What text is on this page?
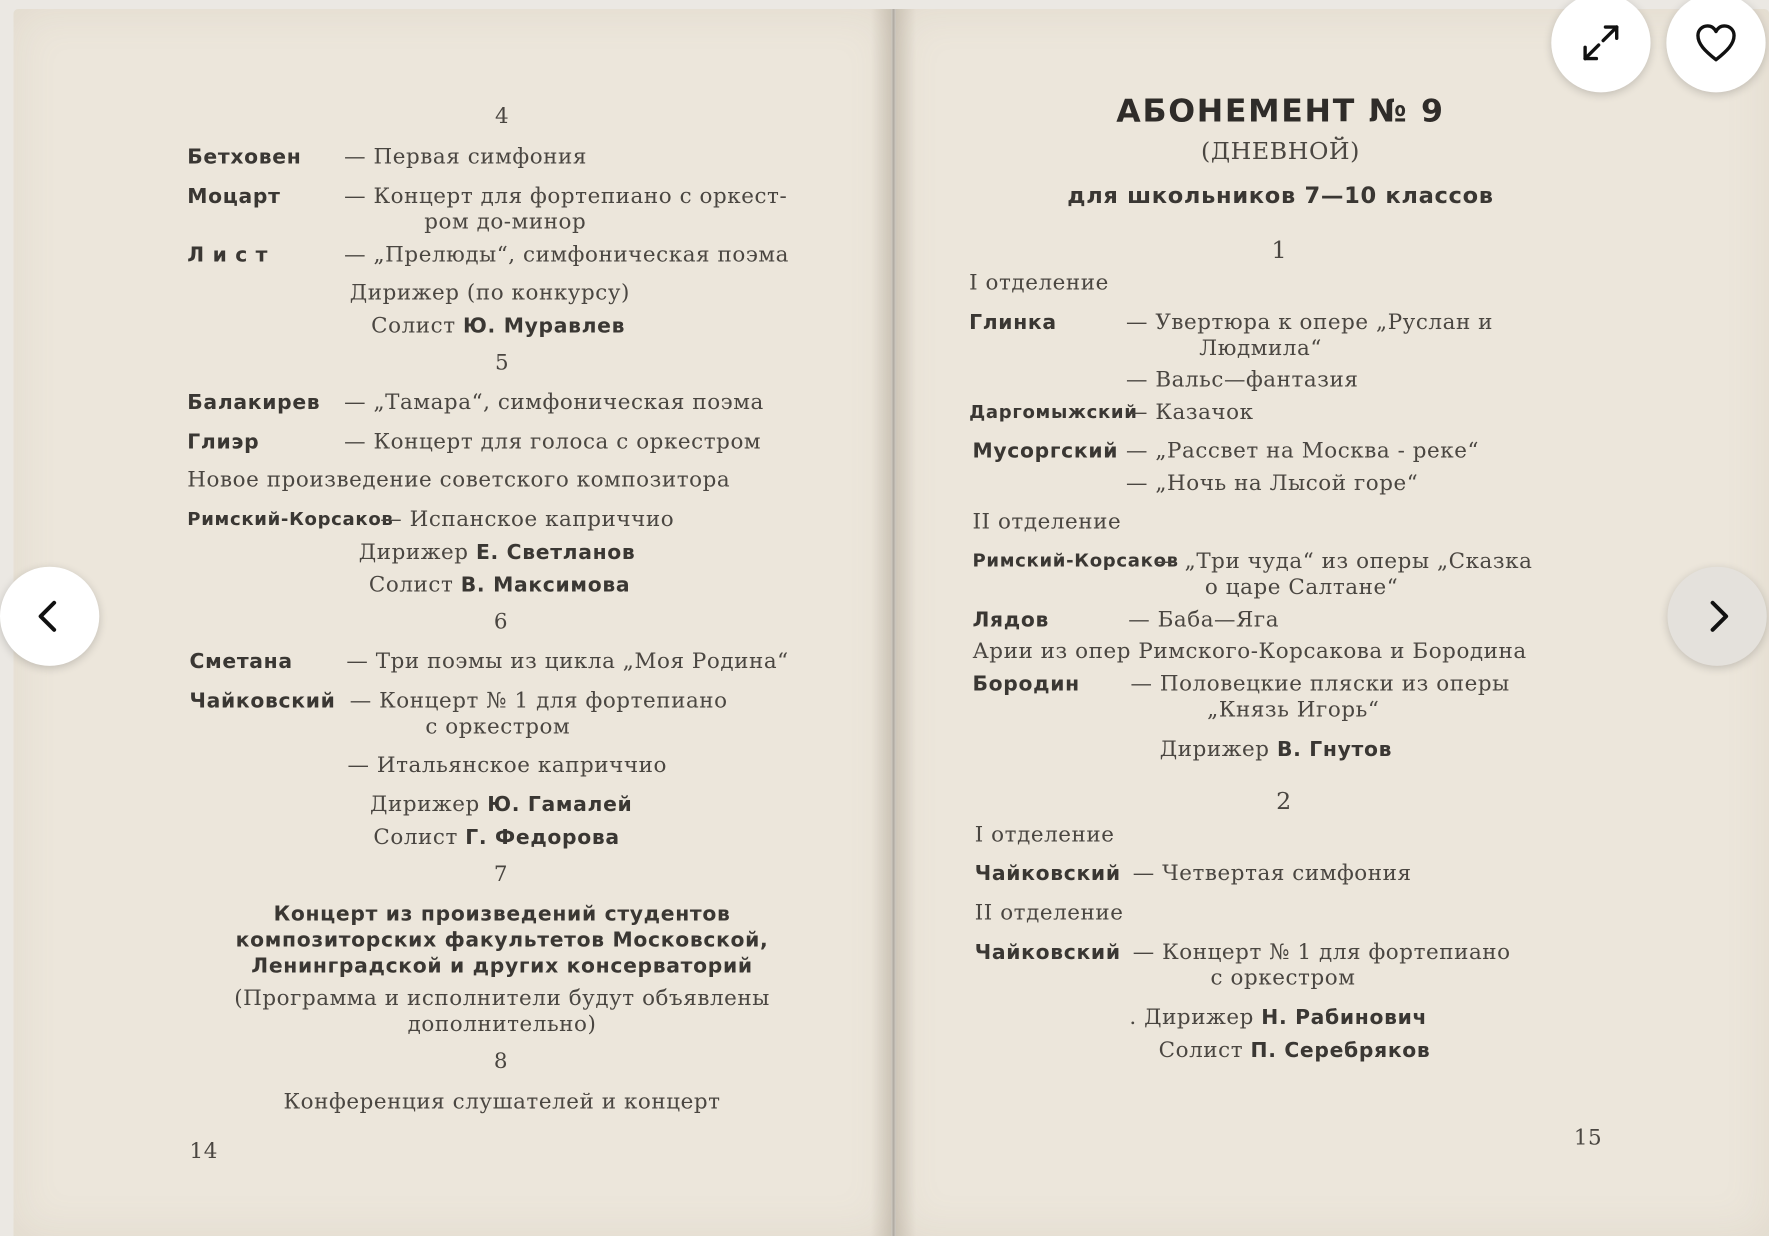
4
Бетховен — Первая симфония
Моцарт	— Концерт для фортепиано с оркест-
ром до-минор
Л и с т	— „Прелюды“, симфоническая поэма
Дирижер (по конкурсу)
Солист Ю. Муравлев
5
Балакирев — „Тамара“, симфоническая поэма
Глиэр	— Концерт для голоса с оркестром
Новое произведение советского композитора
Римский-Корсаков
— Испанское каприччио
Дирижер Е. Светланов
Солист В. Максимова
6
Сметана	— Три поэмы из цикла „Моя Родина“
Чайковский — Концерт № 1 для фортепиано
с оркестром
— Итальянское каприччио
Дирижер Ю. Гамалей
Солист Г. Федорова
7
Концерт из произведений студентов
композиторских факультетов Московской,
Ленинградской и других консерваторий
(Программа и исполнители будут объявлены
дополнительно)
8
Конференция слушателей и концерт
14
АБОНЕМЕНТ № 9
(ДНЕВНОЙ)
для школьников 7—10 классов
1
I отделение
Глинка	— Увертюра к опере „Руслан и
Людмила“
— Вальс—фантазия
Даргомыжский
— Казачок
Мусоргский — „Рассвет на Москва - реке“
— „Ночь на Лысой горе“
II отделение
Римский-Корсаков
— „Три чуда“ из оперы „Сказка
о царе Салтане“
Лядов	— Баба—Яга
Арии из опер Римского-Корсакова и Бородина
Бородин	— Половецкие пляски из оперы
„Князь Игорь“
Дирижер В. Гнутов
2
I отделение
Чайковский — Четвертая симфония
II отделение
Чайковский — Концерт № 1 для фортепиано
с оркестром
. Дирижер Н. Рабинович
Солист П. Серебряков
15
